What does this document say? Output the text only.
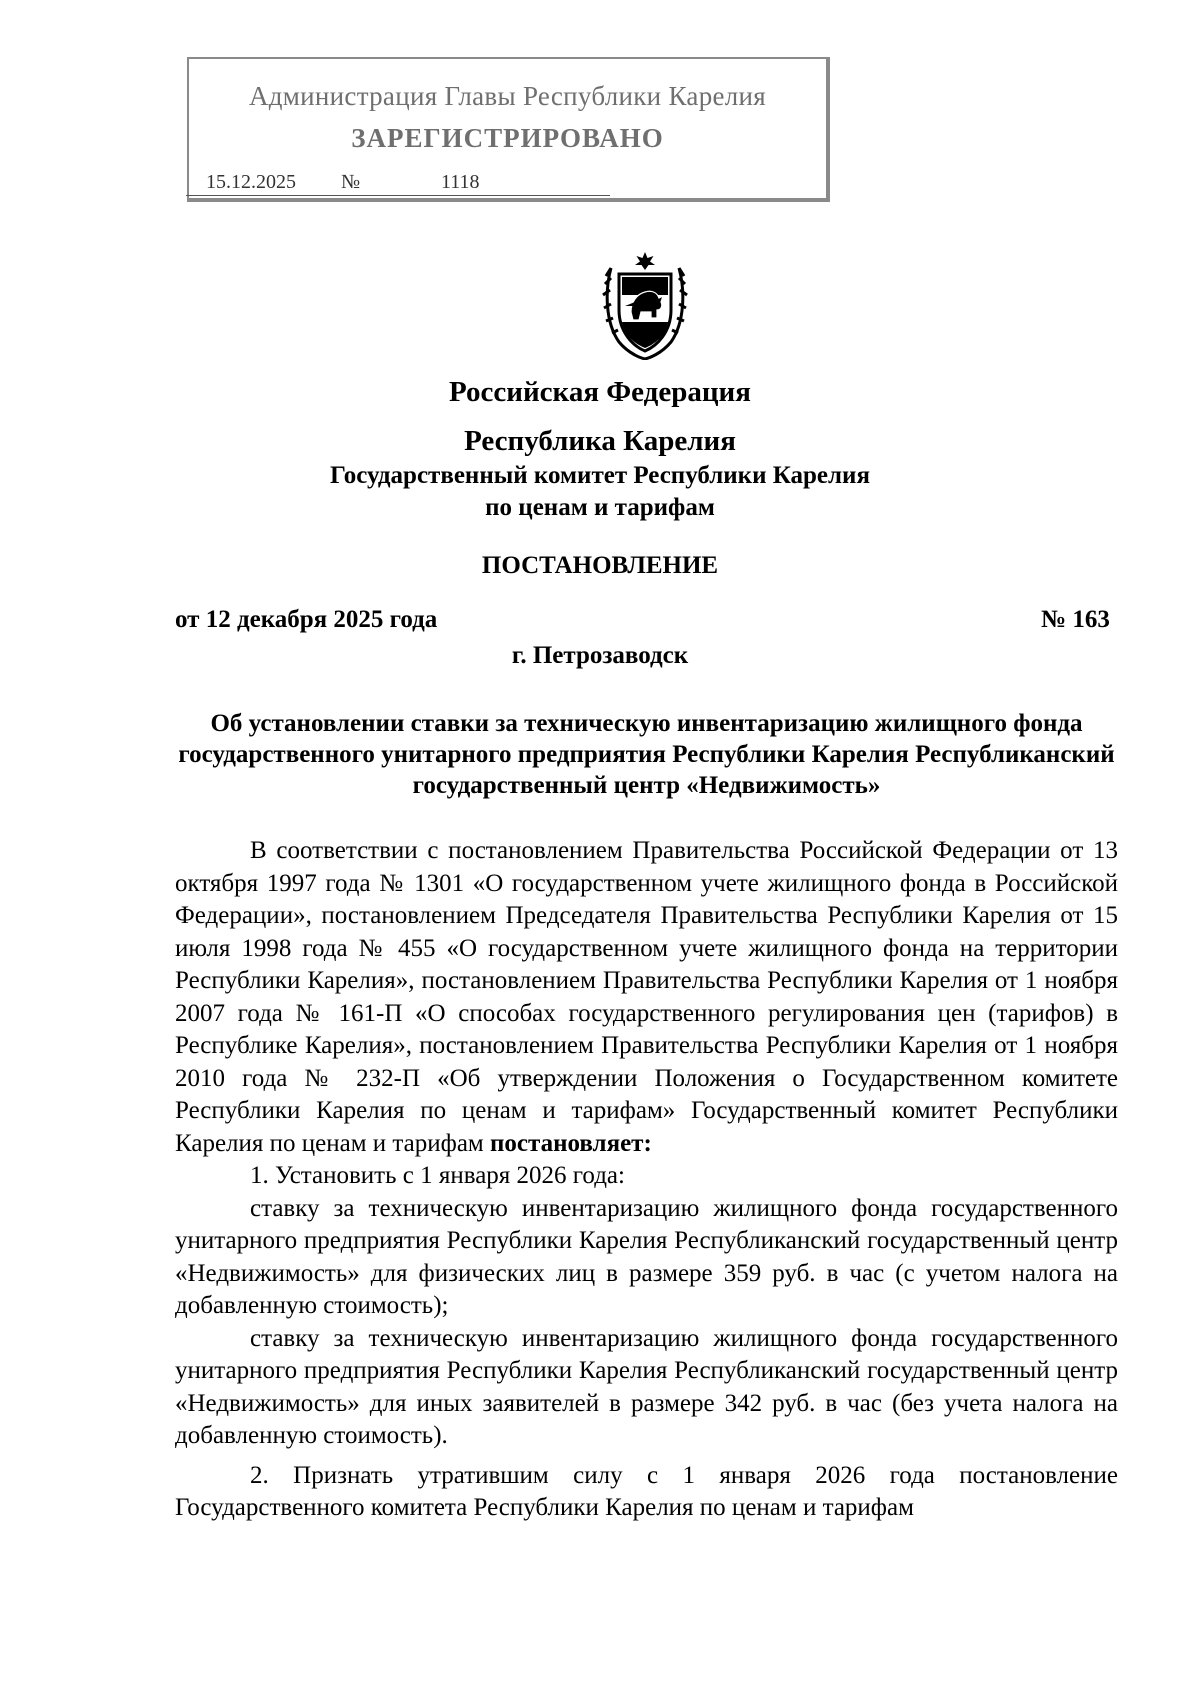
Администрация Главы Республики Карелия
ЗАРЕГИСТРИРОВАНО
15.12.2025 №	1118
Российская Федерация
Республика Карелия
Государственный комитет Республики Карелия
по ценам и тарифам
ПОСТАНОВЛЕНИЕ
от 12 декабря 2025 года	№ 163
г. Петрозаводск
Об установлении ставки за техническую инвентаризацию жилищного фонда государственного унитарного предприятия Республики Карелия Республиканский государственный центр «Недвижимость»
В соответствии с постановлением Правительства Российской Федерации от 13 октября 1997 года № 1301 «О государственном учете жилищного фонда в Российской Федерации», постановлением Председателя Правительства Республики Карелия от 15 июля 1998 года № 455 «О государственном учете жилищного фонда на территории Республики Карелия», постановлением Правительства Республики Карелия от 1 ноября 2007 года № 161-П «О способах государственного регулирования цен (тарифов) в Республике Карелия», постановлением Правительства Республики Карелия от 1 ноября 2010 года № 232-П «Об утверждении Положения о Государственном комитете Республики Карелия по ценам и тарифам» Государственный комитет Республики Карелия по ценам и тарифам постановляет:
1. Установить с 1 января 2026 года:
ставку за техническую инвентаризацию жилищного фонда государственного унитарного предприятия Республики Карелия Республиканский государственный центр «Недвижимость» для физических лиц в размере 359 руб. в час (с учетом налога на добавленную стоимость);
ставку за техническую инвентаризацию жилищного фонда государственного унитарного предприятия Республики Карелия Республиканский государственный центр «Недвижимость» для иных заявителей в размере 342 руб. в час (без учета налога на добавленную стоимость).
2. Признать утратившим силу с 1 января 2026 года постановление Государственного комитета Республики Карелия по ценам и тарифам
